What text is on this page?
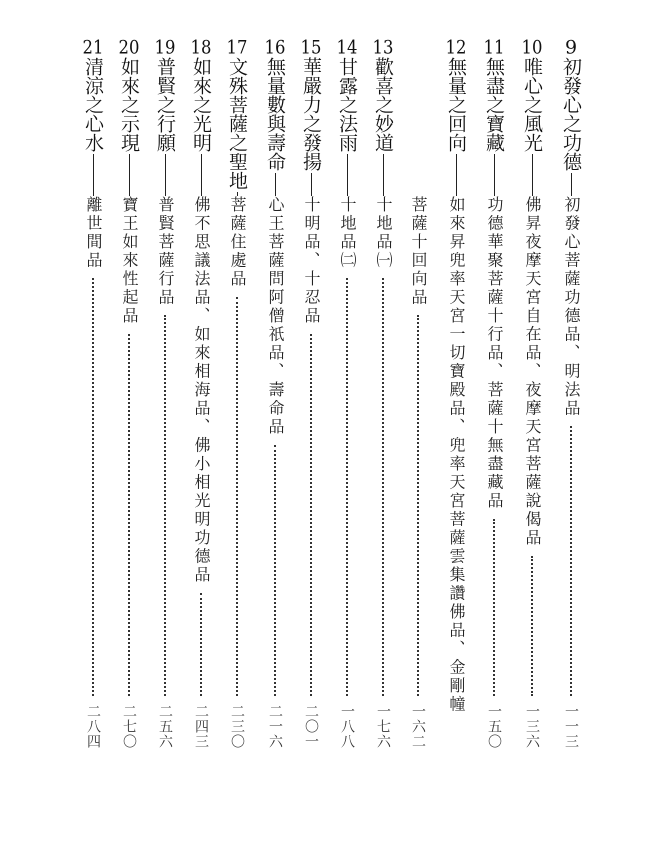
9初發心之功德
初發心菩薩功德品、明法品
一一三
10唯心之風光
佛昇夜摩天宮自在品、夜摩天宮菩薩說偈品
一三六
11無盡之寶藏
功德華聚菩薩十行品、菩薩十無盡藏品
一五〇
12無量之回向
如來昇兜率天宮一切寶殿品、兜率天宮菩薩雲集讚佛品、金剛幢
菩薩十回向品
一六二
13歡喜之妙道
十地品㈠
一七六
14甘露之法雨
十地品㈡
一八八
15華嚴力之發揚
十明品、十忍品
二〇一
16無量數與壽命
心王菩薩問阿僧祇品、壽命品
二一六
17文殊菩薩之聖地
菩薩住處品
二三〇
18如來之光明
佛不思議法品、如來相海品、佛小相光明功德品
二四三
19普賢之行願
普賢菩薩行品
二五六
20如來之示現
寶王如來性起品
二七〇
21清涼之心水
離世間品
二八四
